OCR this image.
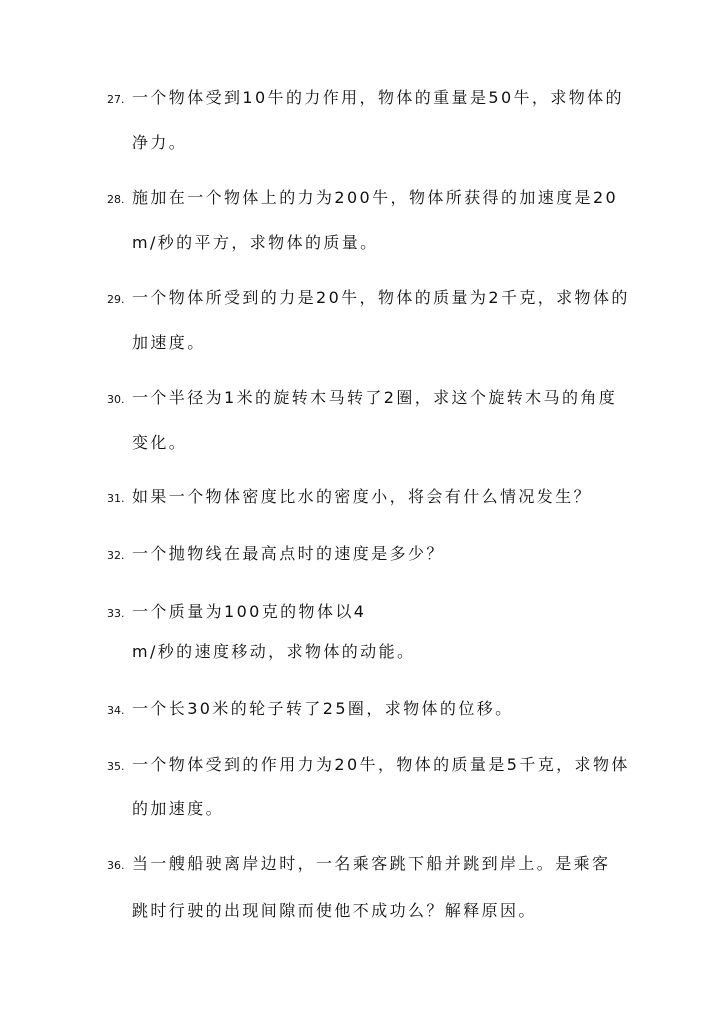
27. 一个物体受到10牛的力作用，物体的重量是50牛，求物体的
净力。
28. 施加在一个物体上的力为200牛，物体所获得的加速度是20
m/秒的平方，求物体的质量。
29. 一个物体所受到的力是20牛，物体的质量为2千克，求物体的
加速度。
30. 一个半径为1米的旋转木马转了2圈，求这个旋转木马的角度
变化。
31. 如果一个物体密度比水的密度小，将会有什么情况发生？
32. 一个抛物线在最高点时的速度是多少？
33. 一个质量为100克的物体以4
m/秒的速度移动，求物体的动能。
34. 一个长30米的轮子转了25圈，求物体的位移。
35. 一个物体受到的作用力为20牛，物体的质量是5千克，求物体
的加速度。
36. 当一艘船驶离岸边时，一名乘客跳下船并跳到岸上。是乘客
跳时行驶的出现间隙而使他不成功么？解释原因。
